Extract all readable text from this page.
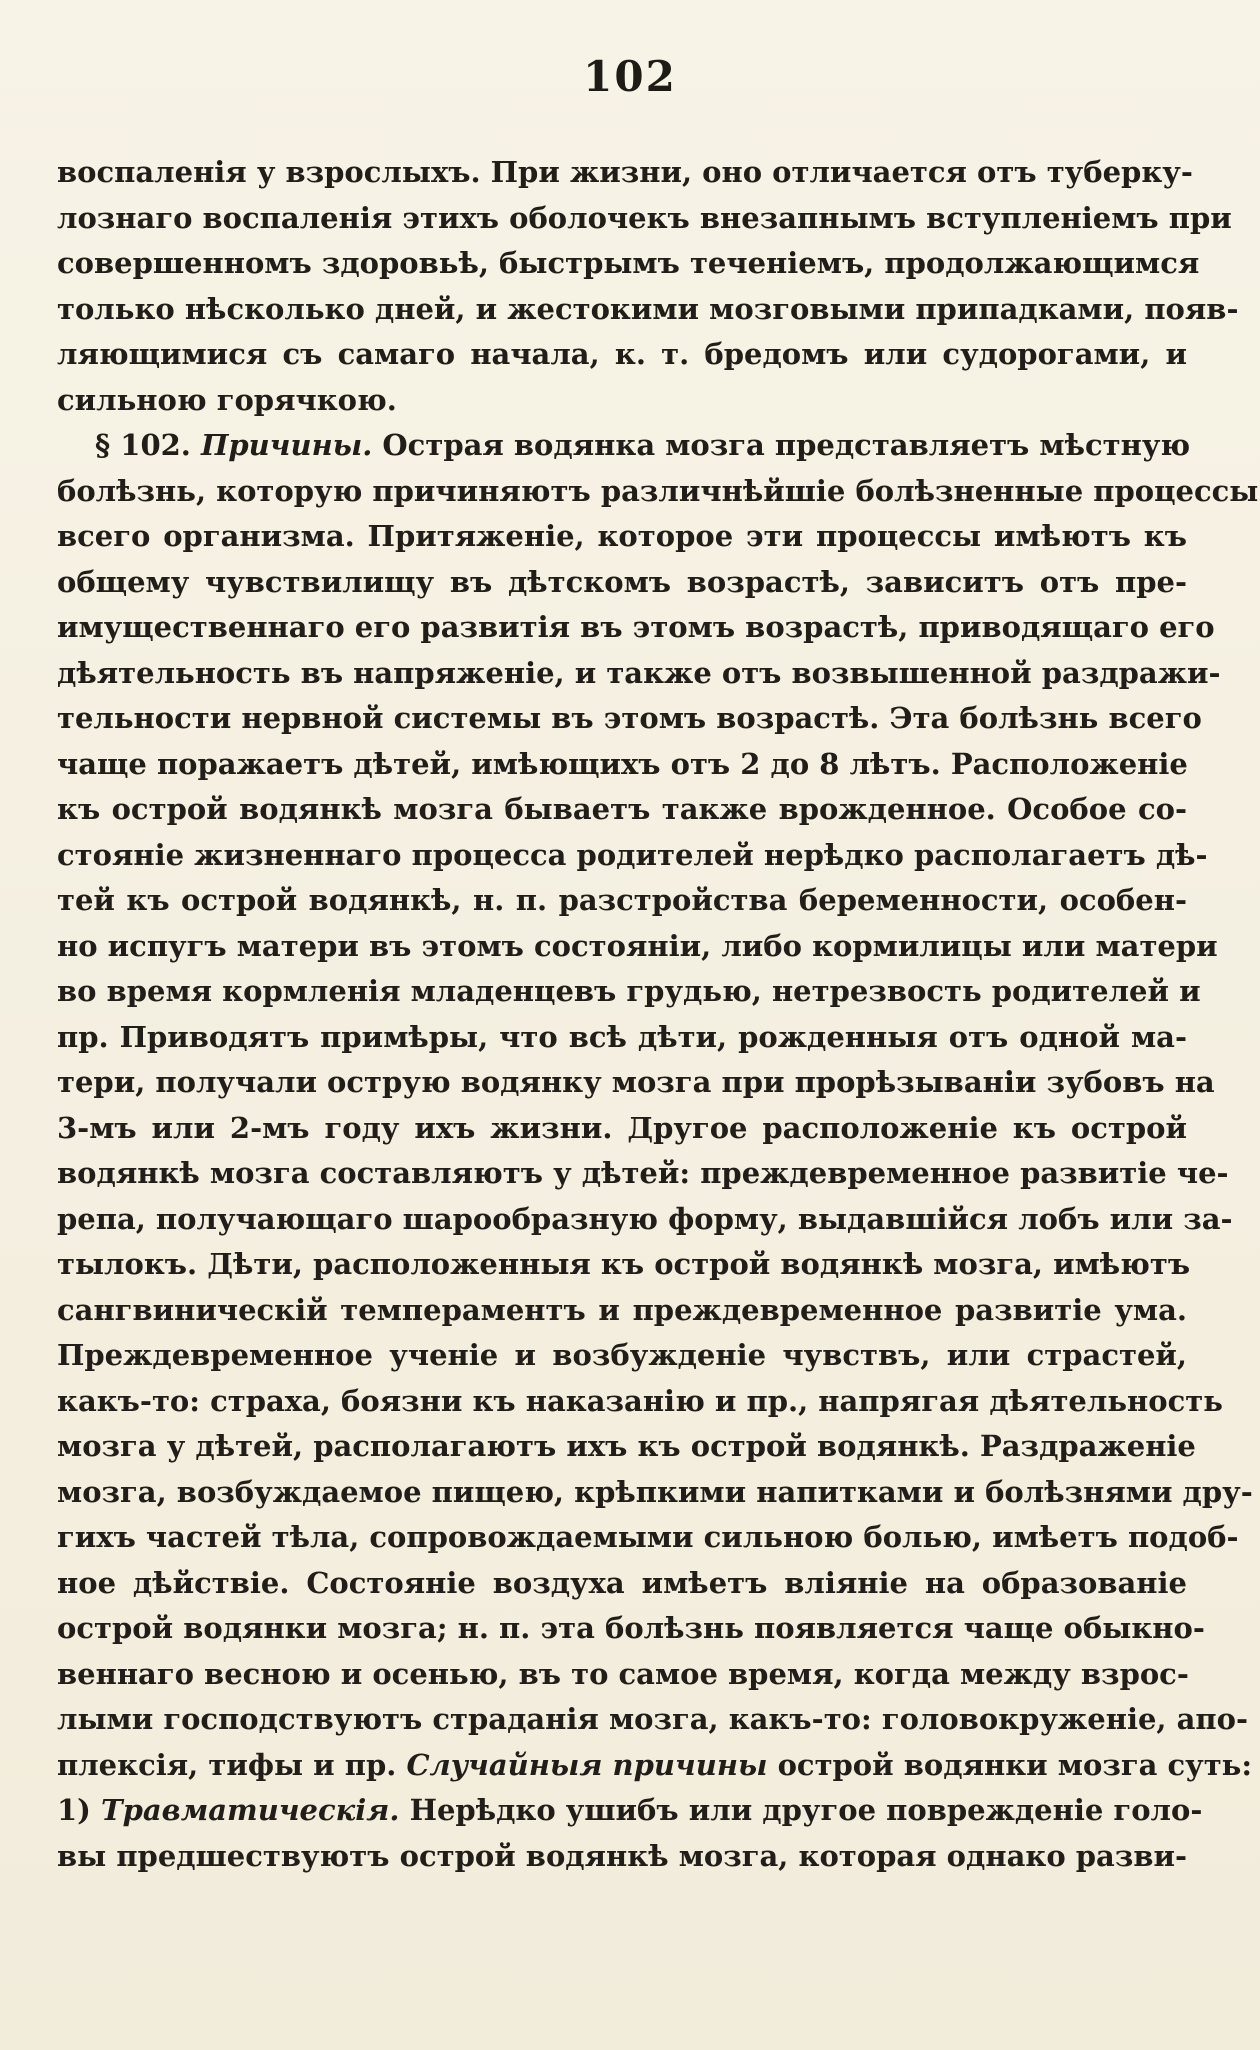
102
воспаленія у взрослыхъ. При жизни, оно отличается отъ туберку-
лознаго воспаленія этихъ оболочекъ внезапнымъ вступленіемъ при
совершенномъ здоровьѣ, быстрымъ теченіемъ, продолжающимся
только нѣсколько дней, и жестокими мозговыми припадками, появ-
ляющимися съ самаго начала, к. т. бредомъ или судорогами, и
сильною горячкою.
§ 102. Причины. Острая водянка мозга представляетъ мѣстную
болѣзнь, которую причиняютъ различнѣйшіе болѣзненные процессы
всего организма. Притяженіе, которое эти процессы имѣютъ къ
общему чувствилищу въ дѣтскомъ возрастѣ, зависитъ отъ пре-
имущественнаго его развитія въ этомъ возрастѣ, приводящаго его
дѣятельность въ напряженіе, и также отъ возвышенной раздражи-
тельности нервной системы въ этомъ возрастѣ. Эта болѣзнь всего
чаще поражаетъ дѣтей, имѣющихъ отъ 2 до 8 лѣтъ. Расположеніе
къ острой водянкѣ мозга бываетъ также врожденное. Особое со-
стояніе жизненнаго процесса родителей нерѣдко располагаетъ дѣ-
тей къ острой водянкѣ, н. п. разстройства беременности, особен-
но испугъ матери въ этомъ состояніи, либо кормилицы или матери
во время кормленія младенцевъ грудью, нетрезвость родителей и
пр. Приводятъ примѣры, что всѣ дѣти, рожденныя отъ одной ма-
тери, получали острую водянку мозга при прорѣзываніи зубовъ на
3-мъ или 2-мъ году ихъ жизни. Другое расположеніе къ острой
водянкѣ мозга составляютъ у дѣтей: преждевременное развитіе че-
репа, получающаго шарообразную форму, выдавшійся лобъ или за-
тылокъ. Дѣти, расположенныя къ острой водянкѣ мозга, имѣютъ
сангвиническій темпераментъ и преждевременное развитіе ума.
Преждевременное ученіе и возбужденіе чувствъ, или страстей,
какъ-то: страха, боязни къ наказанію и пр., напрягая дѣятельность
мозга у дѣтей, располагаютъ ихъ къ острой водянкѣ. Раздраженіе
мозга, возбуждаемое пищею, крѣпкими напитками и болѣзнями дру-
гихъ частей тѣла, сопровождаемыми сильною болью, имѣетъ подоб-
ное дѣйствіе. Состояніе воздуха имѣетъ вліяніе на образованіе
острой водянки мозга; н. п. эта болѣзнь появляется чаще обыкно-
веннаго весною и осенью, въ то самое время, когда между взрос-
лыми господствуютъ страданія мозга, какъ-то: головокруженіе, апо-
плексія, тифы и пр. Случайныя причины острой водянки мозга суть:
1) Травматическія. Нерѣдко ушибъ или другое поврежденіе голо-
вы предшествуютъ острой водянкѣ мозга, которая однако разви-
